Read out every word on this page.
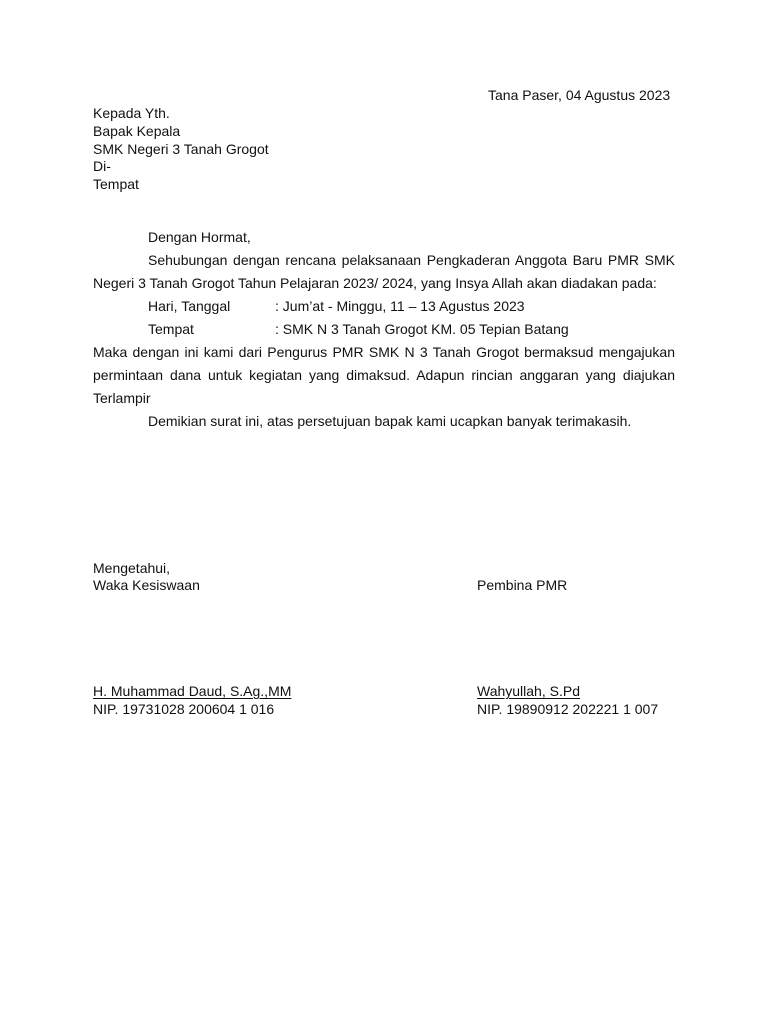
Tana Paser, 04 Agustus 2023
Kepada Yth.
Bapak Kepala
SMK Negeri 3 Tanah Grogot
Di-
Tempat
Dengan Hormat,
Sehubungan dengan rencana pelaksanaan Pengkaderan Anggota Baru PMR SMK
Negeri 3 Tanah Grogot Tahun Pelajaran 2023/ 2024, yang Insya Allah akan diadakan pada:
Hari, Tanggal	: Jum’at - Minggu, 11 – 13 Agustus 2023
Tempat	: SMK N 3 Tanah Grogot KM. 05 Tepian Batang
Maka dengan ini kami dari Pengurus PMR SMK N 3 Tanah Grogot bermaksud mengajukan
permintaan dana untuk kegiatan yang dimaksud. Adapun rincian anggaran yang diajukan
Terlampir
Demikian surat ini, atas persetujuan bapak kami ucapkan banyak terimakasih.
Mengetahui,
Waka Kesiswaan	Pembina PMR
H. Muhammad Daud, S.Ag.,MM	Wahyullah, S.Pd
NIP. 19731028 200604 1 016	NIP. 19890912 202221 1 007
